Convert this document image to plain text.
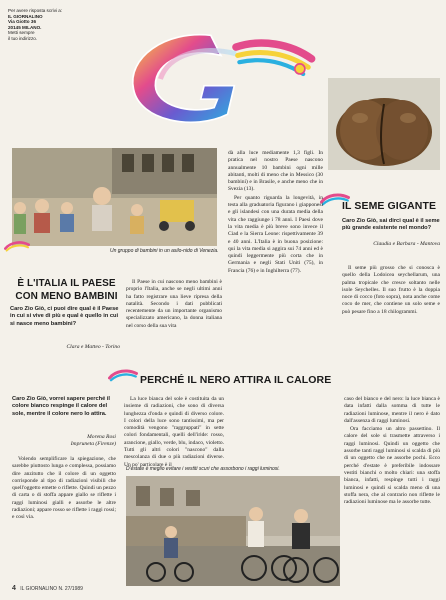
Per avere risposta scrivi a:
IL GIORNALINO
Via Giotto 36
20145 MILANO.
Metti sempre
il tuo indirizzo.
IL SEME GIGANTE
Caro Zio Giò, sai dirci qual è il seme più grande esistente nel mondo?
Claudia e Barbara - Mantova

Il seme più grosso che si conosca è quello della Lodoicea seychellarum, una palma tropicale che cresce soltanto nelle isole Seychelles. Il suo frutto è la doppia noce di cocco (foto sopra), nota anche come coco de mer, che contiene un solo seme e può pesare fino a 18 chilogrammi.

Un gruppo di bambini in un asilo-nido di Venezia.
È L'ITALIA IL PAESE CON MENO BAMBINI
Caro Zio Giò, ci puoi dire qual è il Paese in cui si vive di più e qual è quello in cui si nasce meno bambini?
Clara e Matteo - Torino

Il Paese in cui nascono meno bambini è proprio l'Italia, anche se negli ultimi anni ha fatto registrare una lieve ripresa della natalità. Secondo i dati pubblicati recentemente da un importante organismo specializzato americano, la donna italiana nel corso della sua vita

dà alla luce mediamente 1,3 figli. In pratica nel nostro Paese nascono annualmente 10 bambini ogni mille abitanti, molti di meno che in Messico (30 bambini) e in Brasile, e anche meno che in Svezia (13).

Per quanto riguarda la longevità, in testa alla graduatoria figurano i giapponesi e gli islandesi con una durata media della vita che raggiunge i 78 anni. I Paesi dove la vita media è più breve sono invece il Ciad e la Sierra Leone: rispettivamente 39 e 40 anni. L'Italia è in buona posizione: qui la vita media si aggira sui 74 anni ed è quindi leggermente più corta che in Germania e negli Stati Uniti (75), in Francia (76) e in Inghilterra (77).

PERCHÉ IL NERO ATTIRA IL CALORE
Caro Zio Giò, vorrei sapere perché il colore bianco respinge il calore del sole, mentre il colore nero lo attira.
Morena Rosi
Impruneta (Firenze)

Volendo semplificare la spiegazione, che sarebbe piuttosto lunga e complessa, possiamo dire anzitutto che il colore di un oggetto corrisponde al tipo di radiazioni visibili che quell'oggetto emette o riflette. Quindi un pezzo di carta o di stoffa appare giallo se riflette i raggi luminosi gialli e assorbe le altre radiazioni; appare rosso se riflette i raggi rossi; e così via.

La luce bianca del sole è costituita da un insieme di radiazioni, che sono di diversa lunghezza d'onda e quindi di diverso colore. I colori della luce sono tantissimi, ma per comodità vengono "raggruppati" in sette colori fondamentali, quelli dell'iride: rosso, arancione, giallo, verde, blu, indaco, violetto. Tutti gli altri colori "nascono" dalla mescolanza di due o più radiazioni diverse. Un po' particolare è il

D'estate è meglio evitare i vestiti scuri che assorbono i raggi luminosi.

caso del bianco e del nero: la luce bianca è data infatti dalla somma di tutte le radiazioni luminose, mentre il nero è dato dall'assenza di raggi luminosi.

Ora facciamo un altro passettino. Il calore del sole si trasmette attraverso i raggi luminosi. Quindi un oggetto che assorbe tanti raggi luminosi si scalda di più di un oggetto che ne assorbe pochi. Ecco perché d'estate è preferibile indossare vestiti bianchi o molto chiari: una stoffa bianca, infatti, respinge tutti i raggi luminosi e quindi si scalda meno di una stoffa nera, che al contrario non riflette le radiazioni luminose ma le assorbe tutte.

4 IL GIORNALINO N. 27/1989
